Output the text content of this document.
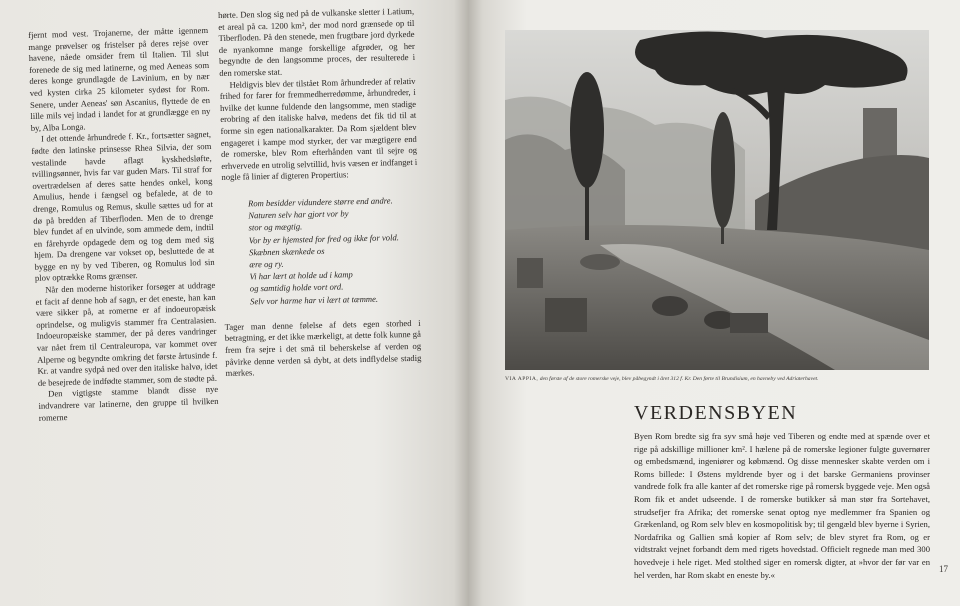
fjernt mod vest. Trojanerne, der måtte igennem mange prøvelser og fristelser på deres rejse over havene, nåede omsider frem til Italien. Til slut forenede de sig med latinerne, og med Aeneas som deres konge grundlagde de Lavinium, en by nær ved kysten cirka 25 kilometer sydøst for Rom. Senere, under Aeneas' søn Ascanius, flyttede de en lille mils vej indad i landet for at grundlægge en ny by, Alba Longa.

I det ottende århundrede f. Kr., fortsætter sagnet, fødte den latinske prinsesse Rhea Silvia, der som vestalinde havde aflagt kyskhedsløfte, tvillingsønner, hvis far var guden Mars. Til straf for overtrædelsen af deres satte hendes onkel, kong Amulius, hende i fængsel og befalede, at de to drenge, Romulus og Remus, skulle sættes ud for at dø på bredden af Tiberfloden. Men de to drenge blev fundet af en ulvinde, som ammede dem, indtil en fårehyrde opdagede dem og tog dem med sig hjem. Da drengene var vokset op, besluttede de at bygge en ny by ved Tiberen, og Romulus lod sin plov optrække Roms grænser.

Når den moderne historiker forsøger at uddrage et facit af denne hob af sagn, er det eneste, han kan være sikker på, at romerne er af indoeuropæisk oprindelse, og muligvis stammer fra Centralasien. Indoeuropæiske stammer, der på deres vandringer var nået frem til Centraleuropa, var kommet over Alperne og begyndte omkring det første årtusinde f. Kr. at vandre sydpå ned over den italiske halvø, idet de besejrede de indfødte stammer, som de stødte på.

Den vigtigste stamme blandt disse nye indvandrere var latinerne, den gruppe til hvilken romerne

hørte. Den slog sig ned på de vulkanske sletter i Latium, et areal på ca. 1200 km², der mod nord grænsede op til Tiberfloden. På den stenede, men frugtbare jord dyrkede de nyankomne mange forskellige afgrøder, og her begyndte de den langsomme proces, der resulterede i den romerske stat.

Heldigvis blev der tilstået Rom århundreder af relativ frihed for farer for fremmedherredømme, århundreder, i hvilke det kunne fuldende den langsomme, men stadige erobring af den italiske halvø, medens det fik tid til at forme sin egen nationalkarakter. Da Rom sjældent blev engageret i kampe mod styrker, der var mægtigere end de romerske, blev Rom efterhånden vant til sejre og erhvervede en utrolig selvtillid, hvis væsen er indfanget i nogle få linier af digteren Propertius:

Rom besidder vidundere større end andre.
Naturen selv har gjort vor by
stor og mægtig.
Vor by er hjemsted for fred og ikke for vold.
Skæbnen skænkede os
ære og ry.
Vi har lært at holde ud i kamp
og samtidig holde vort ord.
Selv vor harme har vi lært at tæmme.

Tager man denne følelse af dets egen storhed i betragtning, er det ikke mærkeligt, at dette folk kunne gå frem fra sejre i det små til beherskelse af verden og påvirke denne verden så dybt, at dets indflydelse stadig mærkes.

VIA APPIA, den første af de store romerske veje, blev påbegyndt i året 312 f. Kr. Den førte til Brundisium, en havneby ved Adriaterhavet.
VERDENSBYEN

Byen Rom bredte sig fra syv små høje ved Tiberen og endte med at spænde over et rige på adskillige millioner km². I hælene på de romerske legioner fulgte guvernører og embedsmænd, ingeniører og købmænd. Og disse mennesker skabte verden om i Roms billede: I Østens myldrende byer og i det barske Germaniens provinser vandrede folk fra alle kanter af det romerske rige på romersk byggede veje. Men også Rom fik et andet udseende. I de romerske butikker så man stør fra Sortehavet, strudsefjer fra Afrika; det romerske senat optog nye medlemmer fra Spanien og Grækenland, og Rom selv blev en kosmopolitisk by; til gengæld blev byerne i Syrien, Nordafrika og Gallien små kopier af Rom selv; de blev styret fra Rom, og er vidtstrakt vejnet forbandt dem med rigets hovedstad. Officielt regnede man med 300 hovedveje i hele riget. Med stolthed siger en romersk digter, at »hvor der før var en hel verden, har Rom skabt en eneste by.«

17
